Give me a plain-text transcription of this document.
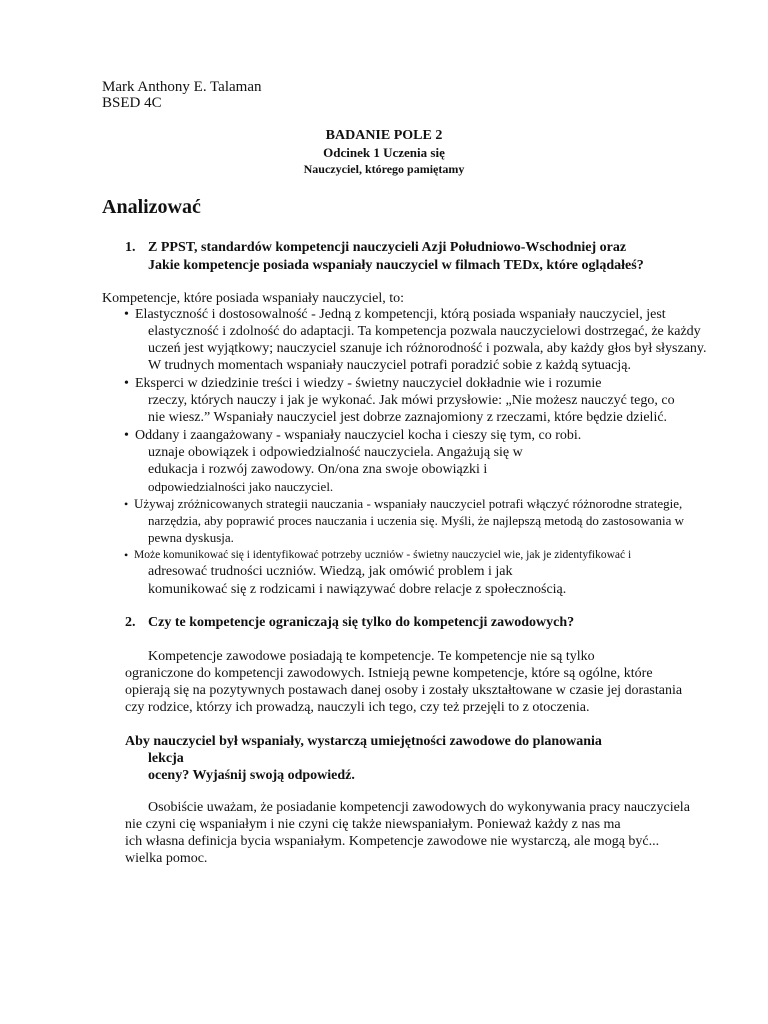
Mark Anthony E. Talaman
BSED 4C
BADANIE POLE 2
Odcinek 1 Uczenia się
Nauczyciel, którego pamiętamy
Analizować
1. Z PPST, standardów kompetencji nauczycieli Azji Południowo-Wschodniej oraz
Jakie kompetencje posiada wspaniały nauczyciel w filmach TEDx, które oglądałeś?
Kompetencje, które posiada wspaniały nauczyciel, to:
• Elastyczność i dostosowalność - Jedną z kompetencji, którą posiada wspaniały nauczyciel, jest
elastyczność i zdolność do adaptacji. Ta kompetencja pozwala nauczycielowi dostrzegać, że każdy
uczeń jest wyjątkowy; nauczyciel szanuje ich różnorodność i pozwala, aby każdy głos był słyszany.
W trudnych momentach wspaniały nauczyciel potrafi poradzić sobie z każdą sytuacją.
• Eksperci w dziedzinie treści i wiedzy - świetny nauczyciel dokładnie wie i rozumie
rzeczy, których nauczy i jak je wykonać. Jak mówi przysłowie: „Nie możesz nauczyć tego, co
nie wiesz.” Wspaniały nauczyciel jest dobrze zaznajomiony z rzeczami, które będzie dzielić.
• Oddany i zaangażowany - wspaniały nauczyciel kocha i cieszy się tym, co robi.
uznaje obowiązek i odpowiedzialność nauczyciela. Angażują się w
edukacja i rozwój zawodowy. On/ona zna swoje obowiązki i
odpowiedzialności jako nauczyciel.
• Używaj zróżnicowanych strategii nauczania - wspaniały nauczyciel potrafi włączyć różnorodne strategie,
narzędzia, aby poprawić proces nauczania i uczenia się. Myśli, że najlepszą metodą do zastosowania w
pewna dyskusja.
• Może komunikować się i identyfikować potrzeby uczniów - świetny nauczyciel wie, jak je zidentyfikować i
adresować trudności uczniów. Wiedzą, jak omówić problem i jak
komunikować się z rodzicami i nawiązywać dobre relacje z społecznością.
2. Czy te kompetencje ograniczają się tylko do kompetencji zawodowych?
Kompetencje zawodowe posiadają te kompetencje. Te kompetencje nie są tylko
ograniczone do kompetencji zawodowych. Istnieją pewne kompetencje, które są ogólne, które
opierają się na pozytywnych postawach danej osoby i zostały ukształtowane w czasie jej dorastania
czy rodzice, którzy ich prowadzą, nauczyli ich tego, czy też przejęli to z otoczenia.
Aby nauczyciel był wspaniały, wystarczą umiejętności zawodowe do planowania
lekcja
oceny? Wyjaśnij swoją odpowiedź.
Osobiście uważam, że posiadanie kompetencji zawodowych do wykonywania pracy nauczyciela
nie czyni cię wspaniałym i nie czyni cię także niewspaniałym. Ponieważ każdy z nas ma
ich własna definicja bycia wspaniałym. Kompetencje zawodowe nie wystarczą, ale mogą być...
wielka pomoc.
